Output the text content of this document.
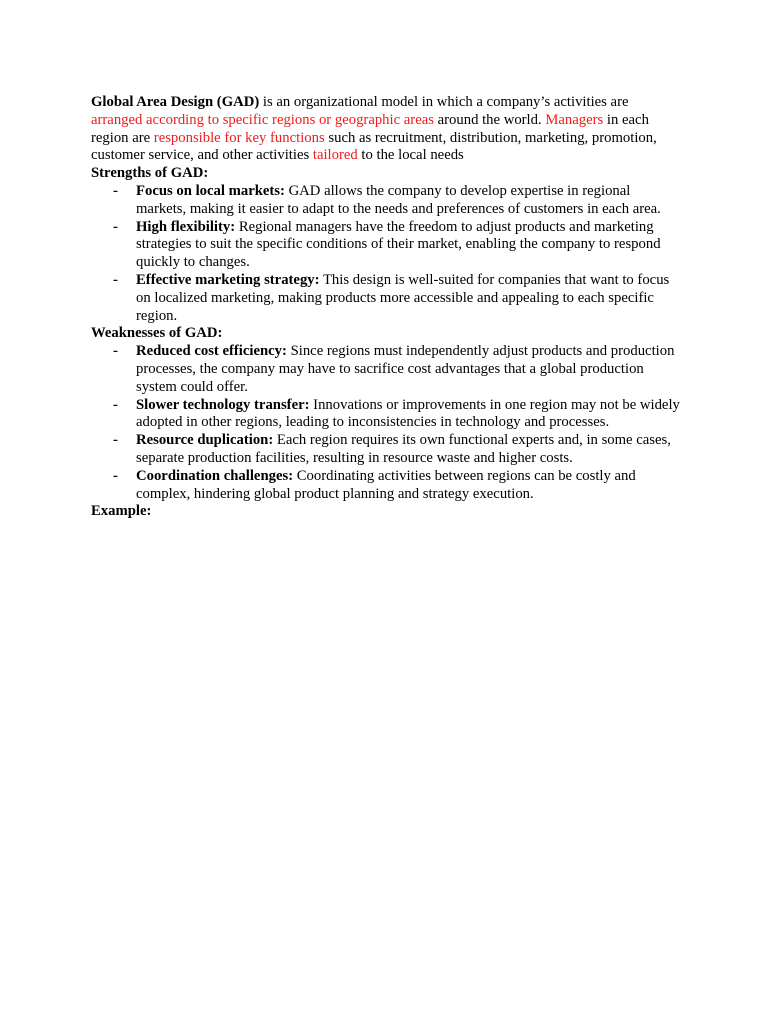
Global Area Design (GAD) is an organizational model in which a company’s activities are arranged according to specific regions or geographic areas around the world. Managers in each region are responsible for key functions such as recruitment, distribution, marketing, promotion, customer service, and other activities tailored to the local needs

Strengths of GAD:

- Focus on local markets: GAD allows the company to develop expertise in regional markets, making it easier to adapt to the needs and preferences of customers in each area.
- High flexibility: Regional managers have the freedom to adjust products and marketing strategies to suit the specific conditions of their market, enabling the company to respond quickly to changes.
- Effective marketing strategy: This design is well-suited for companies that want to focus on localized marketing, making products more accessible and appealing to each specific region.

Weaknesses of GAD:

- Reduced cost efficiency: Since regions must independently adjust products and production processes, the company may have to sacrifice cost advantages that a global production system could offer.
- Slower technology transfer: Innovations or improvements in one region may not be widely adopted in other regions, leading to inconsistencies in technology and processes.
- Resource duplication: Each region requires its own functional experts and, in some cases, separate production facilities, resulting in resource waste and higher costs.
- Coordination challenges: Coordinating activities between regions can be costly and complex, hindering global product planning and strategy execution.

Example:
